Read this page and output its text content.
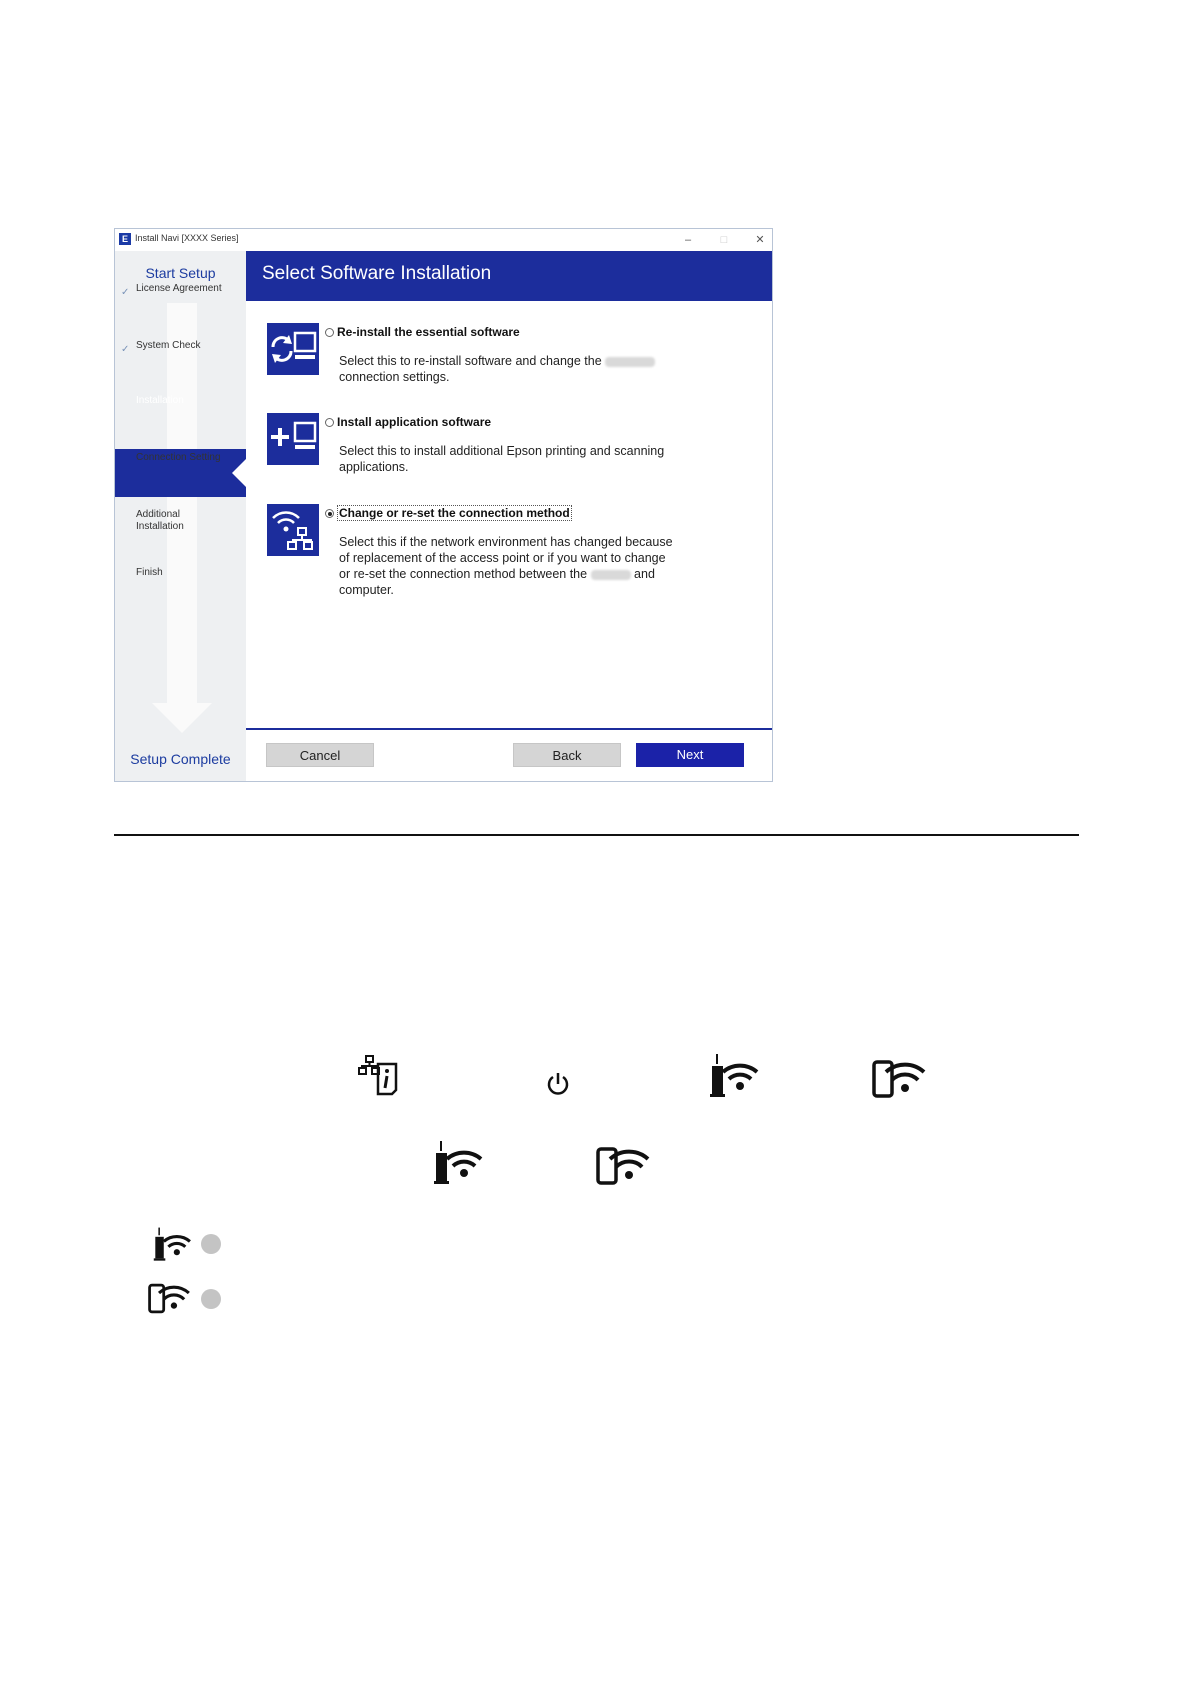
E Install Navi [XXXX Series]	–	□	✕
Start Setup
✓ License Agreement
✓ System Check
Installation
Connection Setting
Additional Installation
Finish
Setup Complete
Select Software Installation
Re-install the essential software
Select this to re-install software and change the
connection settings.
Install application software
Select this to install additional Epson printing and scanning
applications.
Change or re-set the connection method
Select this if the network environment has changed because
of replacement of the access point or if you want to change
or re-set the connection method between the	and
computer.
Cancel	Back	Next
